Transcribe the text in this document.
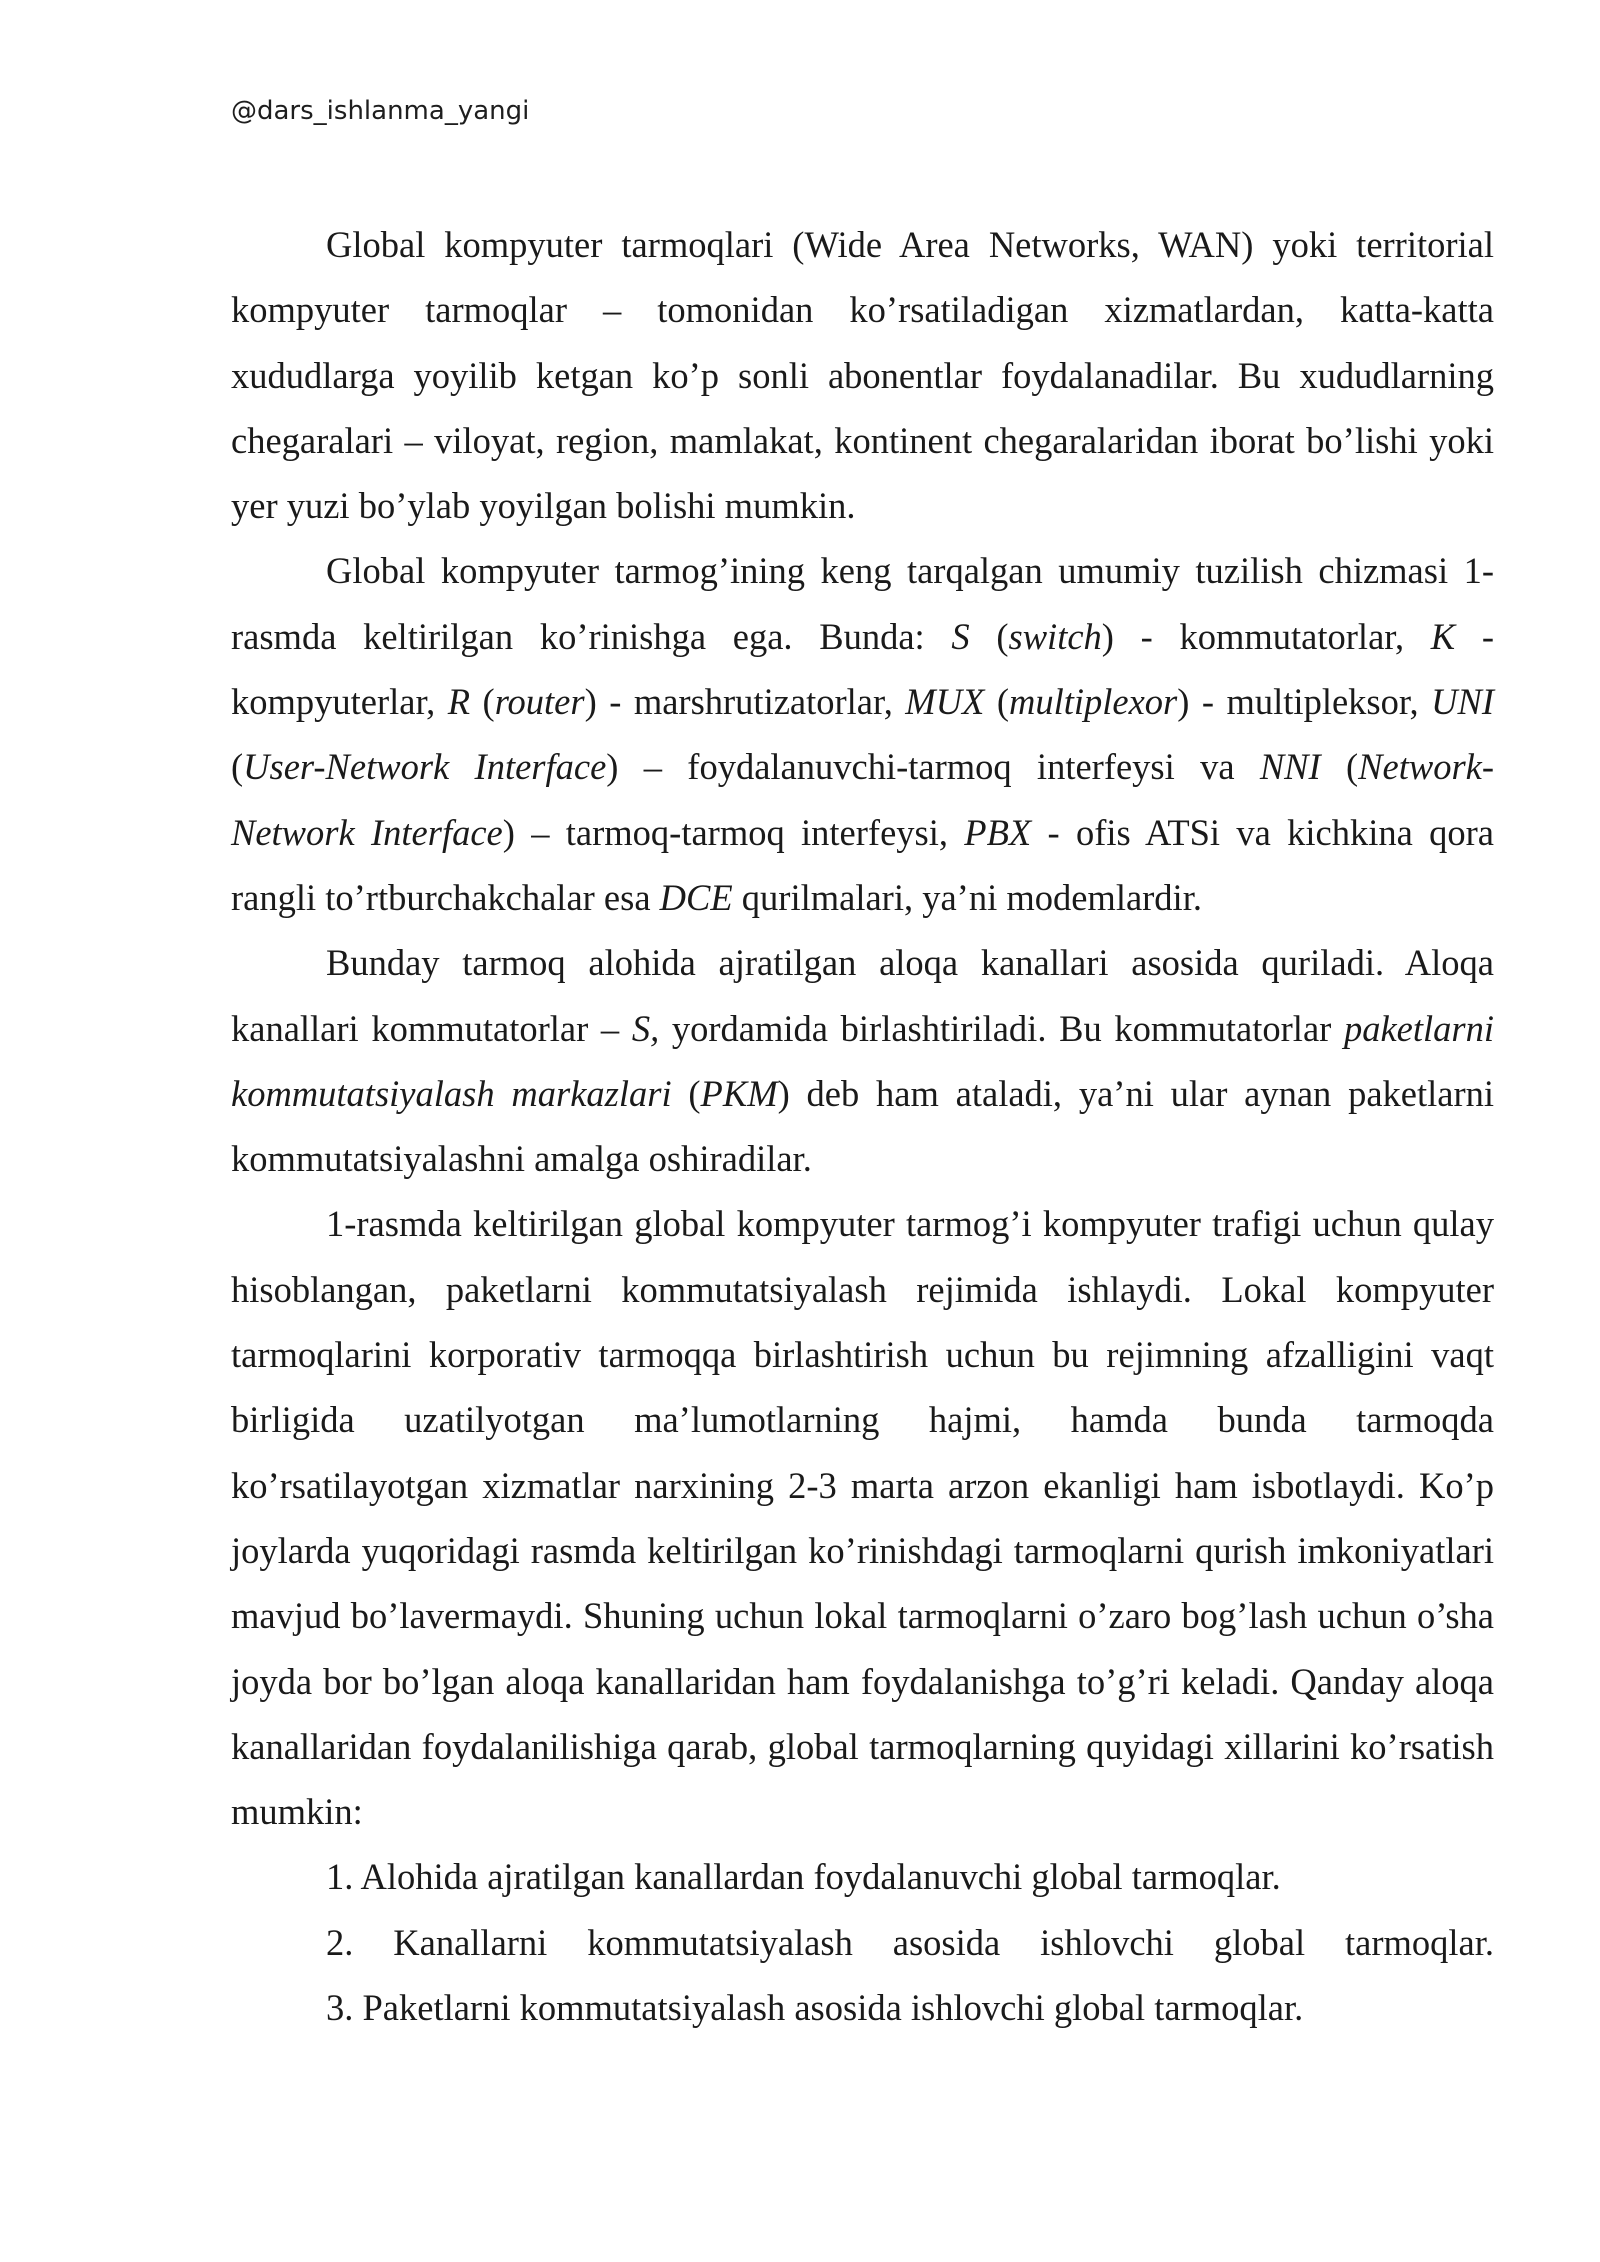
@dars_ishlanma_yangi

Global kompyuter tarmoqlari (Wide Area Networks, WAN) yoki territorial kompyuter tarmoqlar – tomonidan ko’rsatiladigan xizmatlardan, katta-katta xududlarga yoyilib ketgan ko’p sonli abonentlar foydalanadilar. Bu xududlarning chegaralari – viloyat, region, mamlakat, kontinent chegaralaridan iborat bo’lishi yoki yer yuzi bo’ylab yoyilgan bolishi mumkin.

Global kompyuter tarmog’ining keng tarqalgan umumiy tuzilish chizmasi 1-rasmda keltirilgan ko’rinishga ega. Bunda: S (switch) - kommutatorlar, K - kompyuterlar, R (router) - marshrutizatorlar, MUX (multiplexor) - multipleksor, UNI (User-Network Interface) – foydalanuvchi-tarmoq interfeysi va NNI (Network-Network Interface) – tarmoq-tarmoq interfeysi, PBX - ofis ATSi va kichkina qora rangli to’rtburchakchalar esa DCE qurilmalari, ya’ni modemlardir.

Bunday tarmoq alohida ajratilgan aloqa kanallari asosida quriladi. Aloqa kanallari kommutatorlar – S, yordamida birlashtiriladi. Bu kommutatorlar paketlarni kommutatsiyalash markazlari (PKM) deb ham ataladi, ya’ni ular aynan paketlarni kommutatsiyalashni amalga oshiradilar.

1-rasmda keltirilgan global kompyuter tarmog’i kompyuter trafigi uchun qulay hisoblangan, paketlarni kommutatsiyalash rejimida ishlaydi. Lokal kompyuter tarmoqlarini korporativ tarmoqqa birlashtirish uchun bu rejimning afzalligini vaqt birligida uzatilyotgan ma’lumotlarning hajmi, hamda bunda tarmoqda ko’rsatilayotgan xizmatlar narxining 2-3 marta arzon ekanligi ham isbotlaydi. Ko’p joylarda yuqoridagi rasmda keltirilgan ko’rinishdagi tarmoqlarni qurish imkoniyatlari mavjud bo’lavermaydi. Shuning uchun lokal tarmoqlarni o’zaro bog’lash uchun o’sha joyda bor bo’lgan aloqa kanallaridan ham foydalanishga to’g’ri keladi. Qanday aloqa kanallaridan foydalanilishiga qarab, global tarmoqlarning quyidagi xillarini ko’rsatish mumkin:

1. Alohida ajratilgan kanallardan foydalanuvchi global tarmoqlar.

2. Kanallarni kommutatsiyalash asosida ishlovchi global tarmoqlar.

3. Paketlarni kommutatsiyalash asosida ishlovchi global tarmoqlar.
